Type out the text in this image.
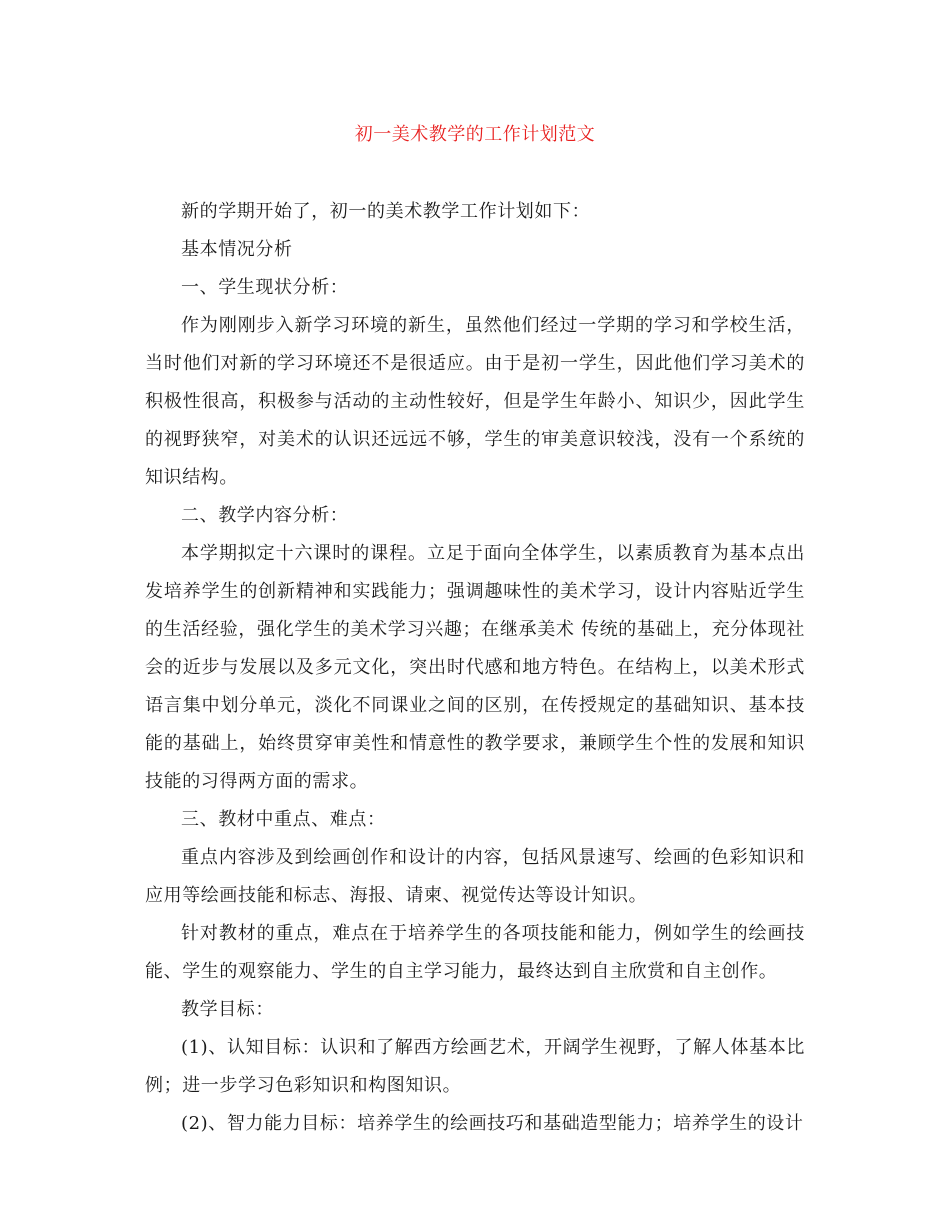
初一美术教学的工作计划范文

新的学期开始了，初一的美术教学工作计划如下：

基本情况分析

一、学生现状分析：

作为刚刚步入新学习环境的新生，虽然他们经过一学期的学习和学校生活，当时他们对新的学习环境还不是很适应。由于是初一学生，因此他们学习美术的积极性很高，积极参与活动的主动性较好，但是学生年龄小、知识少，因此学生的视野狭窄，对美术的认识还远远不够，学生的审美意识较浅，没有一个系统的知识结构。

二、教学内容分析：

本学期拟定十六课时的课程。立足于面向全体学生，以素质教育为基本点出发培养学生的创新精神和实践能力；强调趣味性的美术学习，设计内容贴近学生的生活经验，强化学生的美术学习兴趣；在继承美术 传统的基础上，充分体现社会的近步与发展以及多元文化，突出时代感和地方特色。在结构上，以美术形式语言集中划分单元，淡化不同课业之间的区别，在传授规定的基础知识、基本技能的基础上，始终贯穿审美性和情意性的教学要求，兼顾学生个性的发展和知识技能的习得两方面的需求。

三、教材中重点、难点：

重点内容涉及到绘画创作和设计的内容，包括风景速写、绘画的色彩知识和应用等绘画技能和标志、海报、请柬、视觉传达等设计知识。

针对教材的重点，难点在于培养学生的各项技能和能力，例如学生的绘画技能、学生的观察能力、学生的自主学习能力，最终达到自主欣赏和自主创作。

教学目标：

(1)、认知目标：认识和了解西方绘画艺术，开阔学生视野，了解人体基本比例；进一步学习色彩知识和构图知识。

(2)、智力能力目标：培养学生的绘画技巧和基础造型能力；培养学生的设计
